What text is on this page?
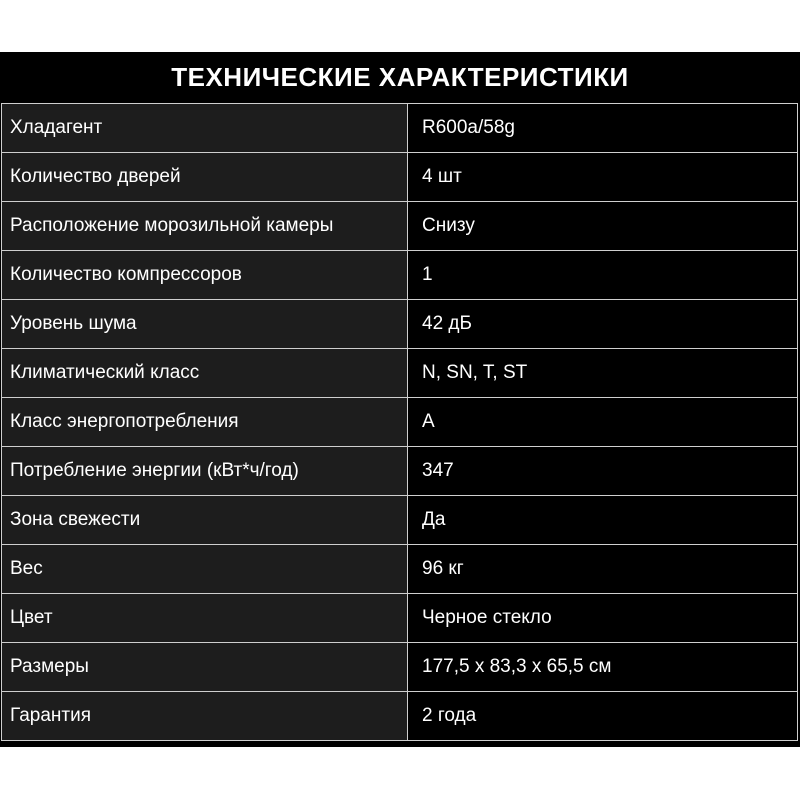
ТЕХНИЧЕСКИЕ ХАРАКТЕРИСТИКИ
Хладагент	R600a/58g
Количество дверей	4 шт
Расположение морозильной камеры	Снизу
Количество компрессоров	1
Уровень шума	42 дБ
Климатический класс	N, SN, T, ST
Класс энергопотребления	A
Потребление энергии (кВт*ч/год)	347
Зона свежести	Да
Вес	96 кг
Цвет	Черное стекло
Размеры	177,5 x 83,3 x 65,5 см
Гарантия	2 года
